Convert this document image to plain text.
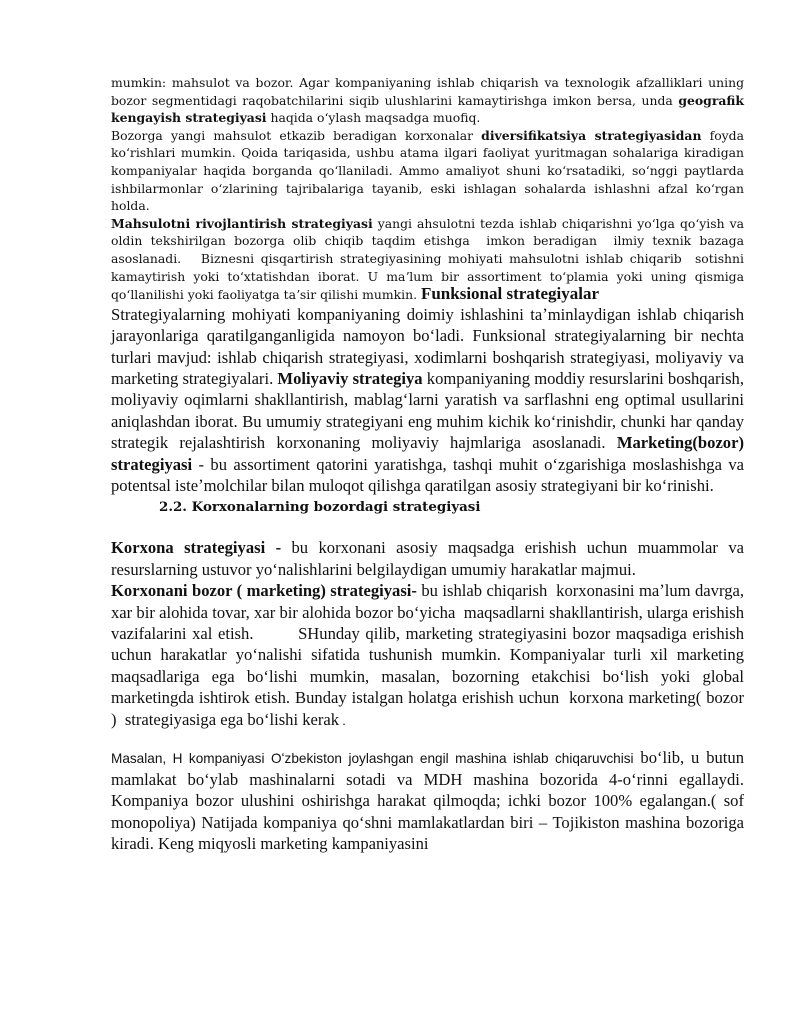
mumkin: mahsulot va bozor. Agar kompaniyaning ishlab chiqarish va texnologik afzalliklari uning bozor segmentidagi raqobatchilarini siqib ulushlarini kamaytirishga imkon bersa, unda geografik kengayish strategiyasi haqida oʻylash maqsadga muofiq.

Bozorga yangi mahsulot etkazib beradigan korxonalar diversifikatsiya strategiyasidan foyda koʻrishlari mumkin. Qoida tariqasida, ushbu atama ilgari faoliyat yuritmagan sohalariga kiradigan kompaniyalar haqida borganda qoʻllaniladi. Ammo amaliyot shuni koʻrsatadiki, soʻnggi paytlarda ishbilarmonlar oʻzlarining tajribalariga tayanib, eski ishlagan sohalarda ishlashni afzal koʻrgan holda.

Mahsulotni rivojlantirish strategiyasi yangi ahsulotni tezda ishlab chiqarishni yoʻlga qoʻyish va oldin tekshirilgan bozorga olib chiqib taqdim etishga  imkon beradigan  ilmiy texnik bazaga asoslanadi.   Biznesni qisqartirish strategiyasining mohiyati mahsulotni ishlab chiqarib  sotishni kamaytirish yoki toʻxtatishdan iborat. U maʼlum bir assortiment toʻplamia yoki uning qismiga qoʻllanilishi yoki faoliyatga taʼsir qilishi mumkin. Funksional strategiyalar

Strategiyalarning mohiyati kompaniyaning doimiy ishlashini taʼminlaydigan ishlab chiqarish jarayonlariga qaratilganganligida namoyon boʻladi. Funksional strategiyalarning bir nechta turlari mavjud: ishlab chiqarish strategiyasi, xodimlarni boshqarish strategiyasi, moliyaviy va marketing strategiyalari. Moliyaviy strategiya kompaniyaning moddiy resurslarini boshqarish, moliyaviy oqimlarni shakllantirish, mablagʻlarni yaratish va sarflashni eng optimal usullarini aniqlashdan iborat. Bu umumiy strategiyani eng muhim kichik koʻrinishdir, chunki har qanday strategik rejalashtirish korxonaning moliyaviy hajmlariga asoslanadi. Marketing(bozor) strategiyasi - bu assortiment qatorini yaratishga, tashqi muhit oʻzgarishiga moslashishga va potentsal isteʼmolchilar bilan muloqot qilishga qaratilgan asosiy strategiyani bir koʻrinishi.

2.2. Korxonalarning bozordagi strategiyasi

Korxona strategiyasi - bu korxonani asosiy maqsadga erishish uchun muammolar va resurslarning ustuvor yoʻnalishlarini belgilaydigan umumiy harakatlar majmui.

Korxonani bozor ( marketing) strategiyasi- bu ishlab chiqarish  korxonasini maʼlum davrga, xar bir alohida tovar, xar bir alohida bozor boʻyicha  maqsadlarni shakllantirish, ularga erishish vazifalarini xal etish.        SHunday qilib, marketing strategiyasini bozor maqsadiga erishish uchun harakatlar yoʻnalishi sifatida tushunish mumkin. Kompaniyalar turli xil marketing maqsadlariga ega boʻlishi mumkin, masalan, bozorning etakchisi boʻlish yoki global marketingda ishtirok etish. Bunday istalgan holatga erishish uchun  korxona marketing( bozor )  strategiyasiga ega boʻlishi kerak .

Masalan, H kompaniyasi Oʻzbekiston joylashgan engil mashina ishlab chiqaruvchisi boʻlib, u butun mamlakat boʻylab mashinalarni sotadi va MDH mashina bozorida 4-oʻrinni egallaydi. Kompaniya bozor ulushini oshirishga harakat qilmoqda; ichki bozor 100% egalangan.( sof monopoliya) Natijada kompaniya qoʻshni mamlakatlardan biri – Tojikiston mashina bozoriga kiradi. Keng miqyosli marketing kampaniyasini
